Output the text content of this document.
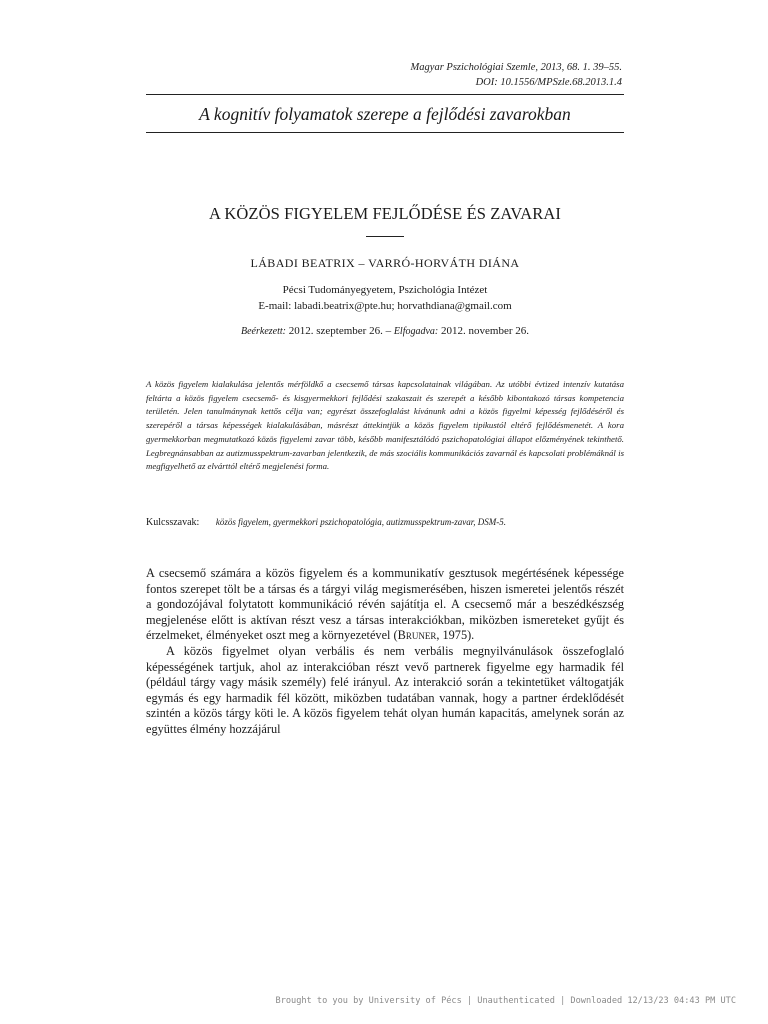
Magyar Pszichológiai Szemle, 2013, 68. 1. 39–55.
DOI: 10.1556/MPSzle.68.2013.1.4
A kognitív folyamatok szerepe a fejlődési zavarokban
A KÖZÖS FIGYELEM FEJLŐDÉSE ÉS ZAVARAI
LÁBADI BEATRIX – VARRÓ-HORVÁTH DIÁNA
Pécsi Tudományegyetem, Pszichológia Intézet
E-mail: labadi.beatrix@pte.hu; horvathdiana@gmail.com
Beérkezett: 2012. szeptember 26. – Elfogadva: 2012. november 26.
A közös figyelem kialakulása jelentős mérföldkő a csecsemő társas kapcsolatainak világában. Az utóbbi évtized intenzív kutatása feltárta a közös figyelem csecsemő- és kisgyermekkori fejlődési szakaszait és szerepét a később kibontakozó társas kompetencia területén. Jelen tanulmánynak kettős célja van; egyrészt összefoglalást kívánunk adni a közös figyelmi képesség fejlődéséről és szerepéről a társas képességek kialakulásában, másrészt áttekintjük a közös figyelem tipikustól eltérő fejlődésmenetét. A kora gyermekkorban megmutatkozó közös figyelemi zavar több, később manifesztálódó pszichopatológiai állapot előzményének tekinthető. Legbregnánsabban az autizmusspektrum-zavarban jelentkezik, de más szociális kommunikációs zavarnál és kapcsolati problémáknál is megfigyelhető az elvárttól eltérő megjelenési forma.
Kulcsszavak: közös figyelem, gyermekkori pszichopatológia, autizmusspektrum-zavar, DSM-5.

A csecsemő számára a közös figyelem és a kommunikatív gesztusok megértésének képessége fontos szerepet tölt be a társas és a tárgyi világ megismerésében, hiszen ismeretei jelentős részét a gondozójával folytatott kommunikáció révén sajátítja el. A csecsemő már a beszédkészség megjelenése előtt is aktívan részt vesz a társas interakciókban, miközben ismereteket gyűjt és érzelmeket, élményeket oszt meg a környezetével (Bruner, 1975).

A közös figyelmet olyan verbális és nem verbális megnyilvánulások összefoglaló képességének tartjuk, ahol az interakcióban részt vevő partnerek figyelme egy harmadik fél (például tárgy vagy másik személy) felé irányul. Az interakció során a tekintetüket váltogatják egymás és egy harmadik fél között, miközben tudatában vannak, hogy a partner érdeklődését szintén a közös tárgy köti le. A közös figyelem tehát olyan humán kapacitás, amelynek során az együttes élmény hozzájárul

Brought to you by University of Pécs | Unauthenticated | Downloaded 12/13/23 04:43 PM UTC
